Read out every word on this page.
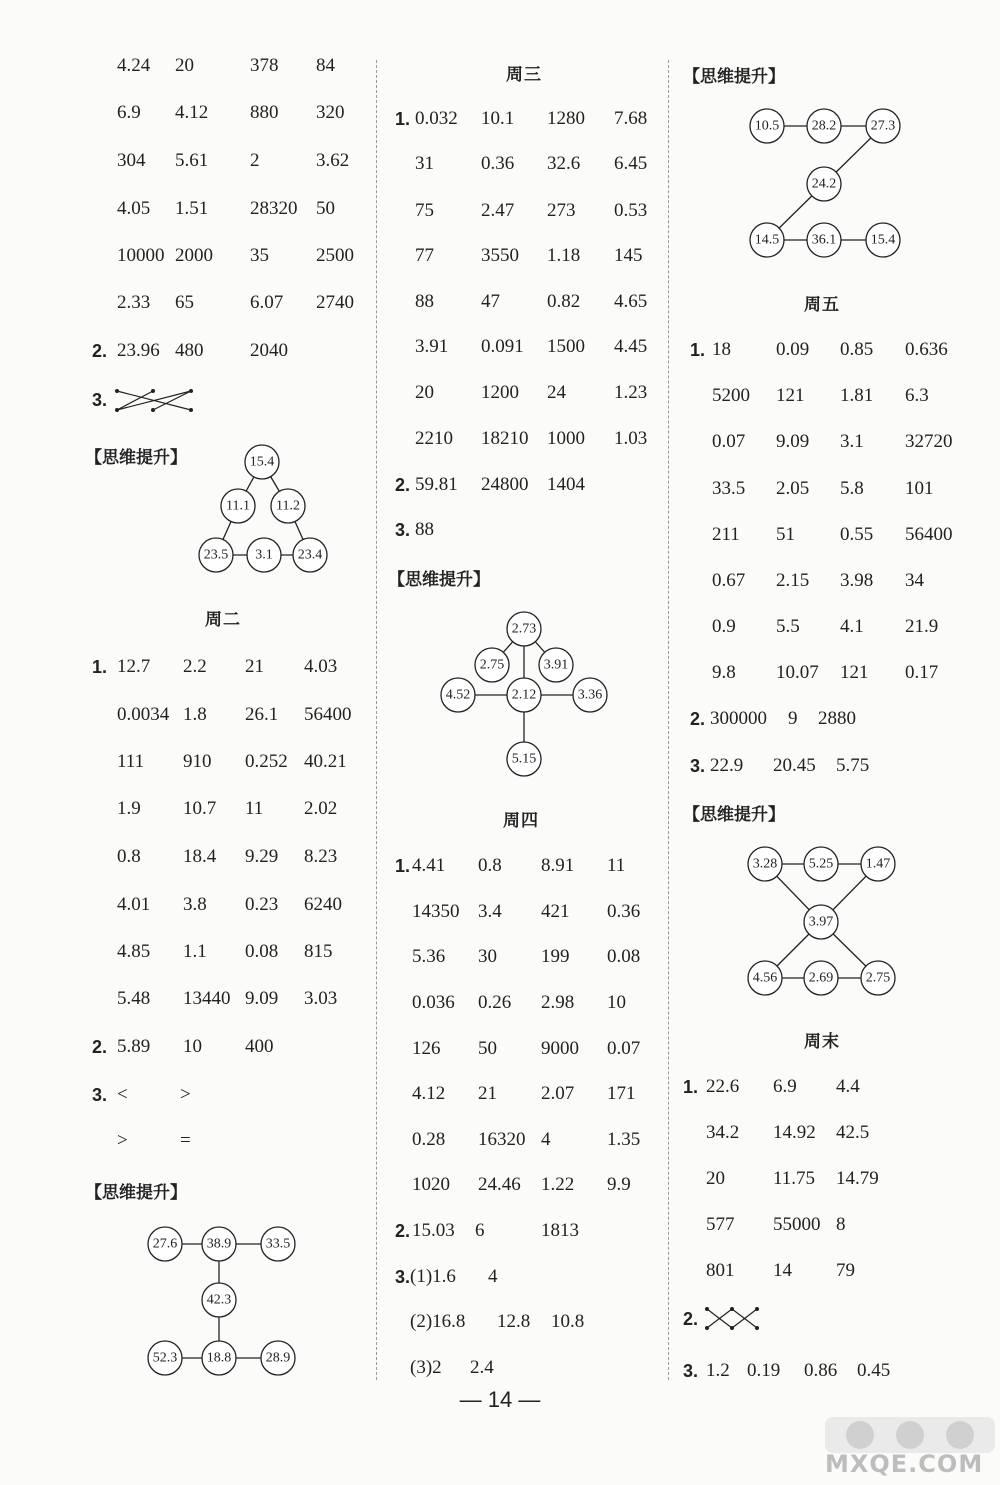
4.24 20	378 84
6.9 4.12 880 320
304 5.61 2	3.62
4.05 1.51 28320 50
10000 2000 35 2500
2.33 65	6.07 2740
2. 23.96 480 2040
3.
【思维提升】	15.4
11.1 11.2
23.5 3.1 23.4
周二
1. 12.7 2.2 21 4.03
0.0034 1.8 26.1 56400
111 910 0.252 40.21
1.9 10.7 11 2.02
0.8 18.4 9.29 8.23
4.01 3.8 0.23 6240
4.85 1.1 0.08 815
5.48 13440 9.09 3.03
2. 5.89 10 400
3. <	>
>	=
【思维提升】
27.6 38.9 33.5
42.3
52.3 18.8 28.9
周三
1. 0.032 10.1 1280 7.68
31 0.36 32.6 6.45
75 2.47 273 0.53
77 3550 1.18 145
88 47 0.82 4.65
3.91 0.091 1500 4.45
20 1200 24	1.23
2210 18210 1000 1.03
2. 59.81 24800 1404
3. 88
【思维提升】
2.73
2.75	3.91
4.52	2.12	3.36
5.15
周四
1. 4.41 0.8 8.91 11
14350 3.4 421 0.36
5.36 30 199 0.08
0.036 0.26 2.98 10
126 50 9000 0.07
4.12 21 2.07 171
0.28 16320 4	1.35
1020 24.46 1.22 9.9
2. 15.03 6	1813
3. (1)1.6 4
(2)16.8 12.8 10.8
(3)2 2.4
【思维提升】
10.5 28.2 27.3
24.2
14.5 36.1 15.4
周五
1. 18 0.09 0.85 0.636
5200 121 1.81 6.3
0.07 9.09 3.1 32720
33.5 2.05 5.8 101
211 51 0.55 56400
0.67 2.15 3.98 34
0.9 5.5 4.1 21.9
9.8 10.07 121 0.17
2. 300000 9 2880
3. 22.9 20.45 5.75
【思维提升】
3.28 5.25 1.47
3.97
4.56 2.69 2.75
周末
1. 22.6 6.9 4.4
34.2 14.92 42.5
20	11.75 14.79
577 55000 8
801 14 79
2.
3. 1.2 0.19 0.86 0.45
— 14 —
MXQE.COM
